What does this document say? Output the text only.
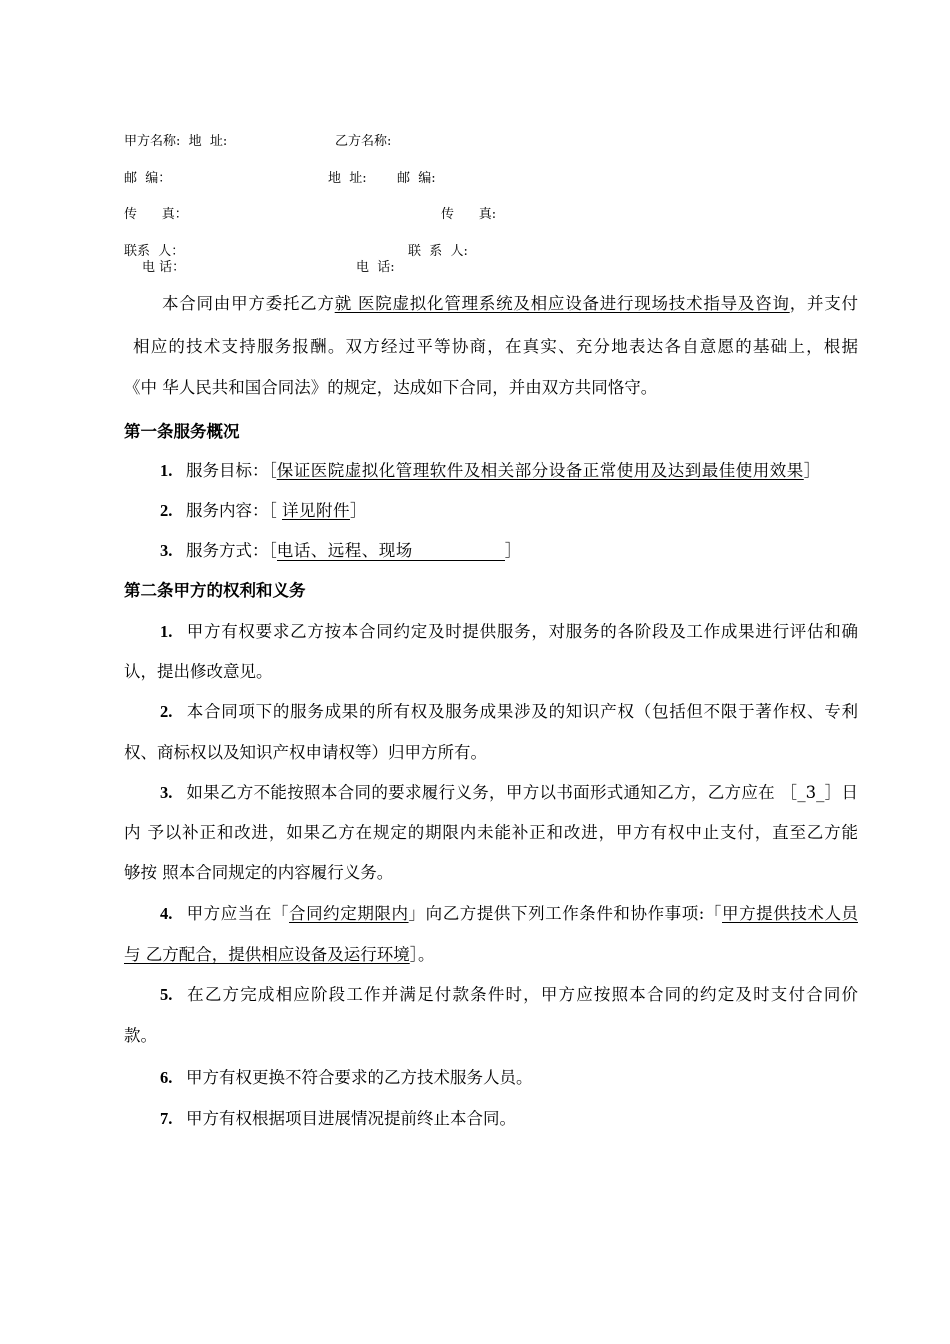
甲方名称:  地  址:	乙方名称:
邮  编：	地  址: 邮  编:
传      真：	传      真:
联系  人：	联  系  人:
电 话：	电  话:
本合同由甲方委托乙方就 医院虚拟化管理系统及相应设备进行现场技术指导及咨询，并支付
相应的技术支持服务报酬。双方经过平等协商，在真实、充分地表达各自意愿的基础上，根据
《中 华人民共和国合同法》的规定，达成如下合同，并由双方共同恪守。
第一条服务概况
1. 服务目标：［保证医院虚拟化管理软件及相关部分设备正常使用及达到最佳使用效果］
2. 服务内容：［ 详见附件］
3. 服务方式：［电话、远程、现场	］
第二条甲方的权利和义务
1. 甲方有权要求乙方按本合同约定及时提供服务，对服务的各阶段及工作成果进行评估和确
认，提出修改意见。
2. 本合同项下的服务成果的所有权及服务成果涉及的知识产权（包括但不限于著作权、专利
权、商标权以及知识产权申请权等）归甲方所有。
3. 如果乙方不能按照本合同的要求履行义务，甲方以书面形式通知乙方，乙方应在 ［_3_］日
内 予以补正和改进，如果乙方在规定的期限内未能补正和改进，甲方有权中止支付，直至乙方能
够按 照本合同规定的内容履行义务。
4. 甲方应当在「合同约定期限内」向乙方提供下列工作条件和协作事项:「甲方提供技术人员
与 乙方配合，提供相应设备及运行环境］。
5. 在乙方完成相应阶段工作并满足付款条件时，甲方应按照本合同的约定及时支付合同价
款。
6. 甲方有权更换不符合要求的乙方技术服务人员。
7. 甲方有权根据项目进展情况提前终止本合同。
